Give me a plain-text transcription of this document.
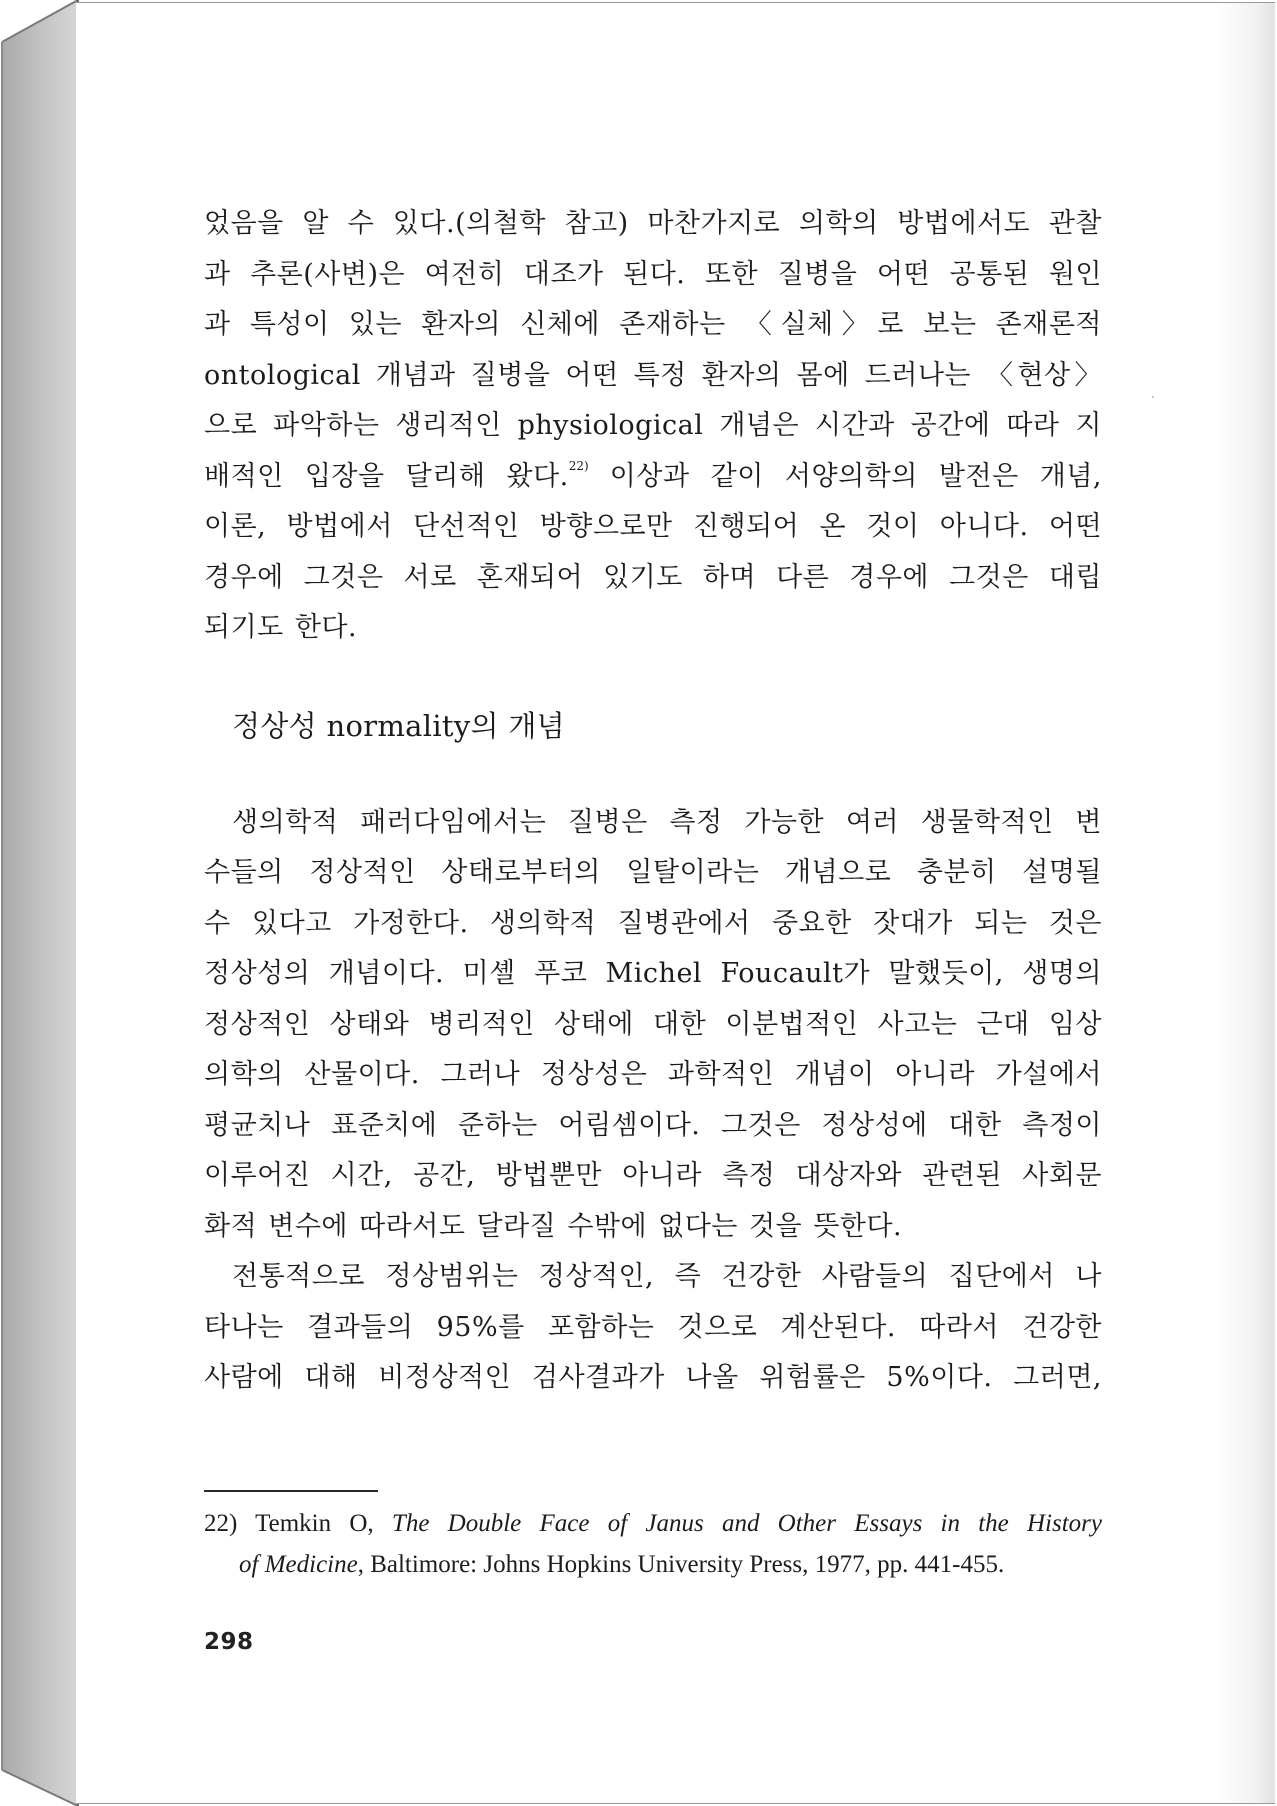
었음을 알 수 있다.(의철학 참고) 마찬가지로 의학의 방법에서도 관찰

과 추론(사변)은 여전히 대조가 된다. 또한 질병을 어떤 공통된 원인

과 특성이 있는 환자의 신체에 존재하는 〈실체〉로 보는 존재론적

ontological 개념과 질병을 어떤 특정 환자의 몸에 드러나는 〈현상〉

으로 파악하는 생리적인 physiological 개념은 시간과 공간에 따라 지

배적인 입장을 달리해 왔다.$^{22)}$ 이상과 같이 서양의학의 발전은 개념,

이론, 방법에서 단선적인 방향으로만 진행되어 온 것이 아니다. 어떤

경우에 그것은 서로 혼재되어 있기도 하며 다른 경우에 그것은 대립

되기도 한다.

정상성 normality의 개념

생의학적 패러다임에서는 질병은 측정 가능한 여러 생물학적인 변

수들의 정상적인 상태로부터의 일탈이라는 개념으로 충분히 설명될

수 있다고 가정한다. 생의학적 질병관에서 중요한 잣대가 되는 것은

정상성의 개념이다. 미셸 푸코 Michel Foucault가 말했듯이, 생명의

정상적인 상태와 병리적인 상태에 대한 이분법적인 사고는 근대 임상

의학의 산물이다. 그러나 정상성은 과학적인 개념이 아니라 가설에서

평균치나 표준치에 준하는 어림셈이다. 그것은 정상성에 대한 측정이

이루어진 시간, 공간, 방법뿐만 아니라 측정 대상자와 관련된 사회문

화적 변수에 따라서도 달라질 수밖에 없다는 것을 뜻한다.

전통적으로 정상범위는 정상적인, 즉 건강한 사람들의 집단에서 나

타나는 결과들의 95%를 포함하는 것으로 계산된다. 따라서 건강한

사람에 대해 비정상적인 검사결과가 나올 위험률은 5%이다. 그러면,

22) Temkin O, The Double Face of Janus and Other Essays in the History
of Medicine, Baltimore: Johns Hopkins University Press, 1977, pp. 441-455.
298
